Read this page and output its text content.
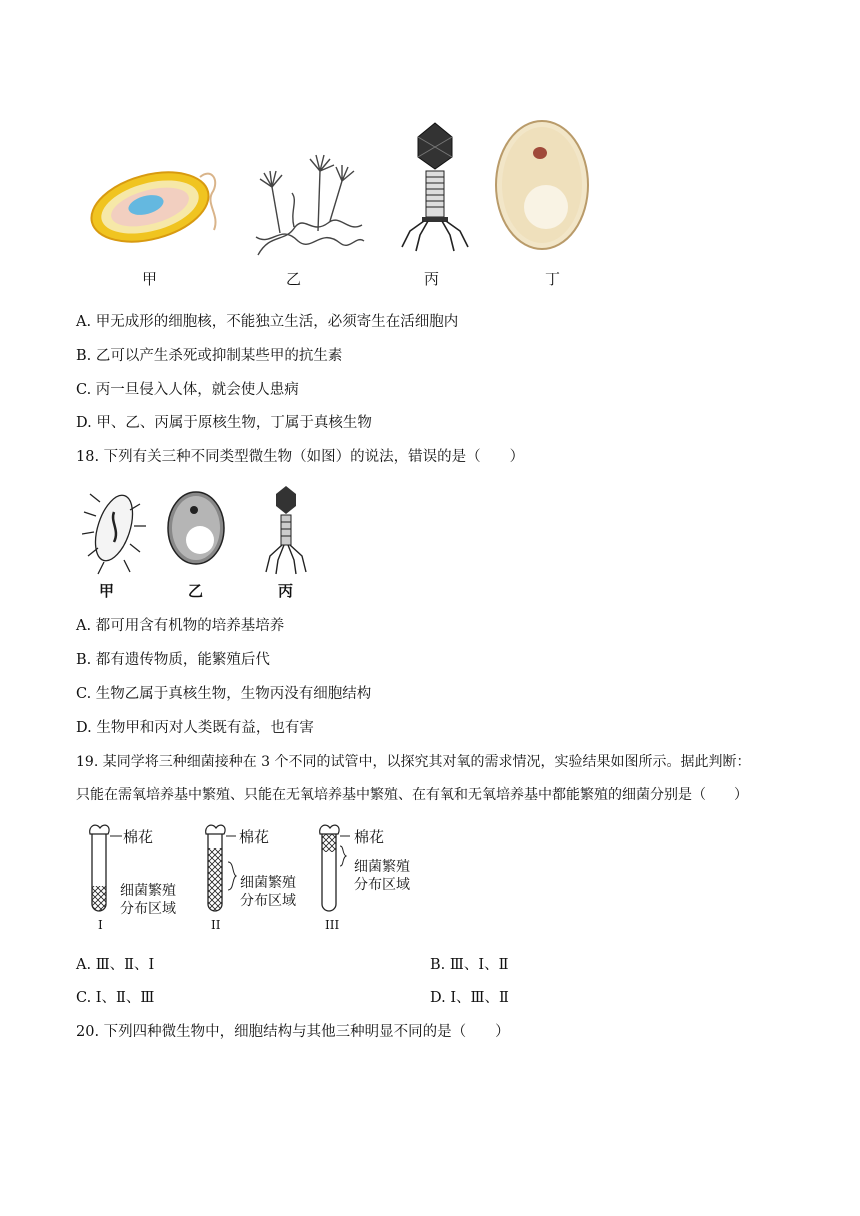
甲	乙	丙	丁
A. 甲无成形的细胞核，不能独立生活，必须寄生在活细胞内
B. 乙可以产生杀死或抑制某些甲的抗生素
C. 丙一旦侵入人体，就会使人患病
D. 甲、乙、丙属于原核生物，丁属于真核生物
18. 下列有关三种不同类型微生物（如图）的说法，错误的是（　　）
甲	乙	丙
A. 都可用含有机物的培养基培养
B. 都有遗传物质，能繁殖后代
C. 生物乙属于真核生物，生物丙没有细胞结构
D. 生物甲和丙对人类既有益，也有害
19. 某同学将三种细菌接种在 3 个不同的试管中，以探究其对氧的需求情况，实验结果如图所示。据此判断：
只能在需氧培养基中繁殖、只能在无氧培养基中繁殖、在有氧和无氧培养基中都能繁殖的细菌分别是（　　）
棉花
细菌繁殖
分布区域
I
棉花
细菌繁殖
分布区域
II
棉花
细菌繁殖
分布区域
III
A. Ⅲ、Ⅱ、Ⅰ	B. Ⅲ、Ⅰ、Ⅱ
C. Ⅰ、Ⅱ、Ⅲ	D. Ⅰ、Ⅲ、Ⅱ
20. 下列四种微生物中，细胞结构与其他三种明显不同的是（　　）
